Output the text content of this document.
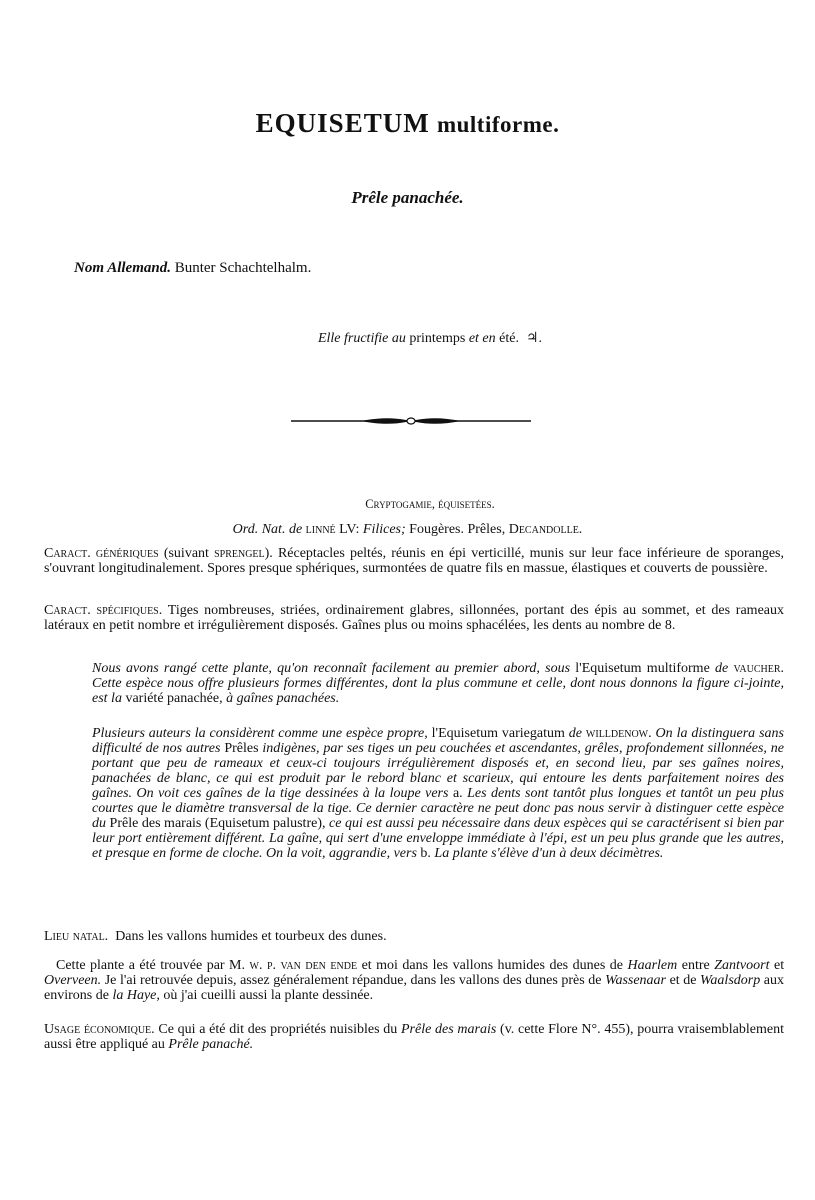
EQUISETUM multiforme.
Prêle panachée.
Nom Allemand. Bunter Schachtelhalm.
Elle fructifie au printemps et en été. ♃.
Cryptogamie, équisetées.
Ord. Nat. de linné LV: Filices; Fougères. Prêles, Decandolle.

Caract. génériques (suivant sprengel). Réceptacles peltés, réunis en épi verticillé, munis sur leur face inférieure de sporanges, s'ouvrant longitudinalement. Spores presque sphériques, surmontées de quatre fils en massue, élastiques et couverts de poussière.

Caract. spécifiques. Tiges nombreuses, striées, ordinairement glabres, sillonnées, portant des épis au sommet, et des rameaux latéraux en petit nombre et irrégulièrement disposés. Gaînes plus ou moins sphacélées, les dents au nombre de 8.

Nous avons rangé cette plante, qu'on reconnaît facilement au premier abord, sous l'Equisetum multiforme de vaucher. Cette espèce nous offre plusieurs formes différentes, dont la plus commune et celle, dont nous donnons la figure ci-jointe, est la variété panachée, à gaînes panachées.

Plusieurs auteurs la considèrent comme une espèce propre, l'Equisetum variegatum de willdenow. On la distinguera sans difficulté de nos autres Prêles indigènes, par ses tiges un peu couchées et ascendantes, grêles, profondement sillonnées, ne portant que peu de rameaux et ceux-ci toujours irrégulièrement disposés et, en second lieu, par ses gaînes noires, panachées de blanc, ce qui est produit par le rebord blanc et scarieux, qui entoure les dents parfaitement noires des gaînes. On voit ces gaînes de la tige dessinées à la loupe vers a. Les dents sont tantôt plus longues et tantôt un peu plus courtes que le diamètre transversal de la tige. Ce dernier caractère ne peut donc pas nous servir à distinguer cette espèce du Prêle des marais (Equisetum palustre), ce qui est aussi peu nécessaire dans deux espèces qui se caractérisent si bien par leur port entièrement différent. La gaîne, qui sert d'une enveloppe immédiate à l'épi, est un peu plus grande que les autres, et presque en forme de cloche. On la voit, aggrandie, vers b. La plante s'élève d'un à deux décimètres.

Lieu natal. Dans les vallons humides et tourbeux des dunes.

Cette plante a été trouvée par M. w. p. van den ende et moi dans les vallons humides des dunes de Haarlem entre Zantvoort et Overveen. Je l'ai retrouvée depuis, assez généralement répandue, dans les vallons des dunes près de Wassenaar et de Waalsdorp aux environs de la Haye, où j'ai cueilli aussi la plante dessinée.

Usage économique. Ce qui a été dit des propriétés nuisibles du Prêle des marais (v. cette Flore N°. 455), pourra vraisemblablement aussi être appliqué au Prêle panaché.
